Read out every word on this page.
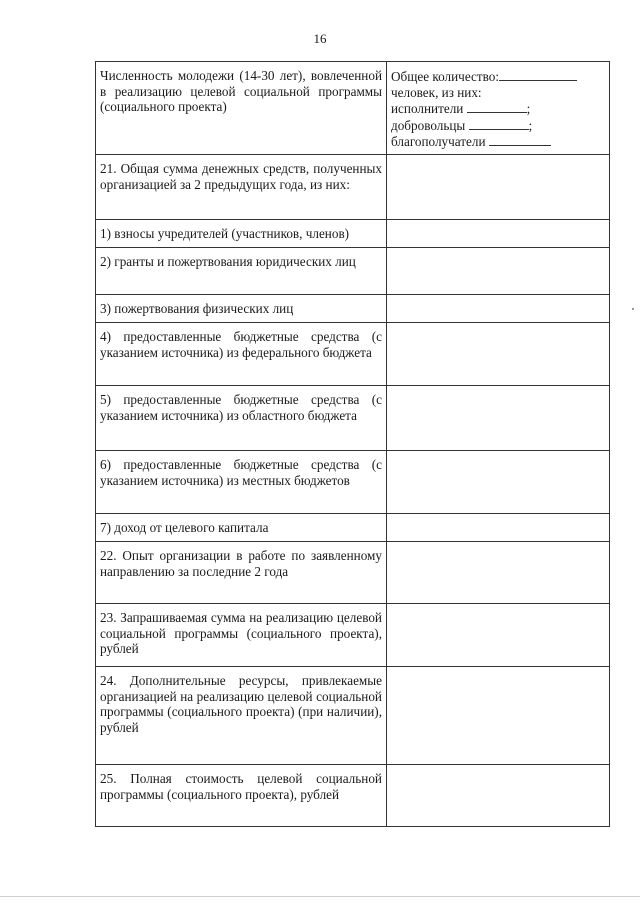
16
Численность молодежи (14-30 лет), вовлеченной в реализацию целевой социальной программы (социального проекта)	Общее количество:
человек, из них:
исполнители ;
добровольцы ;
благополучатели

21. Общая сумма денежных средств, полученных организацией за 2 предыдущих года, из них:	
1) взносы учредителей (участников, членов)	
2) гранты и пожертвования юридических лиц	
3) пожертвования физических лиц	
4) предоставленные бюджетные средства (с указанием источника) из федерального бюджета	
5) предоставленные бюджетные средства (с указанием источника) из областного бюджета	
6) предоставленные бюджетные средства (с указанием источника) из местных бюджетов	
7) доход от целевого капитала	
22. Опыт организации в работе по заявленному направлению за последние 2 года	
23. Запрашиваемая сумма на реализацию целевой социальной программы (социального проекта), рублей	
24. Дополнительные ресурсы, привлекаемые организацией на реализацию целевой социальной программы (социального проекта) (при наличии), рублей	
25. Полная стоимость целевой социальной программы (социального проекта), рублей	
